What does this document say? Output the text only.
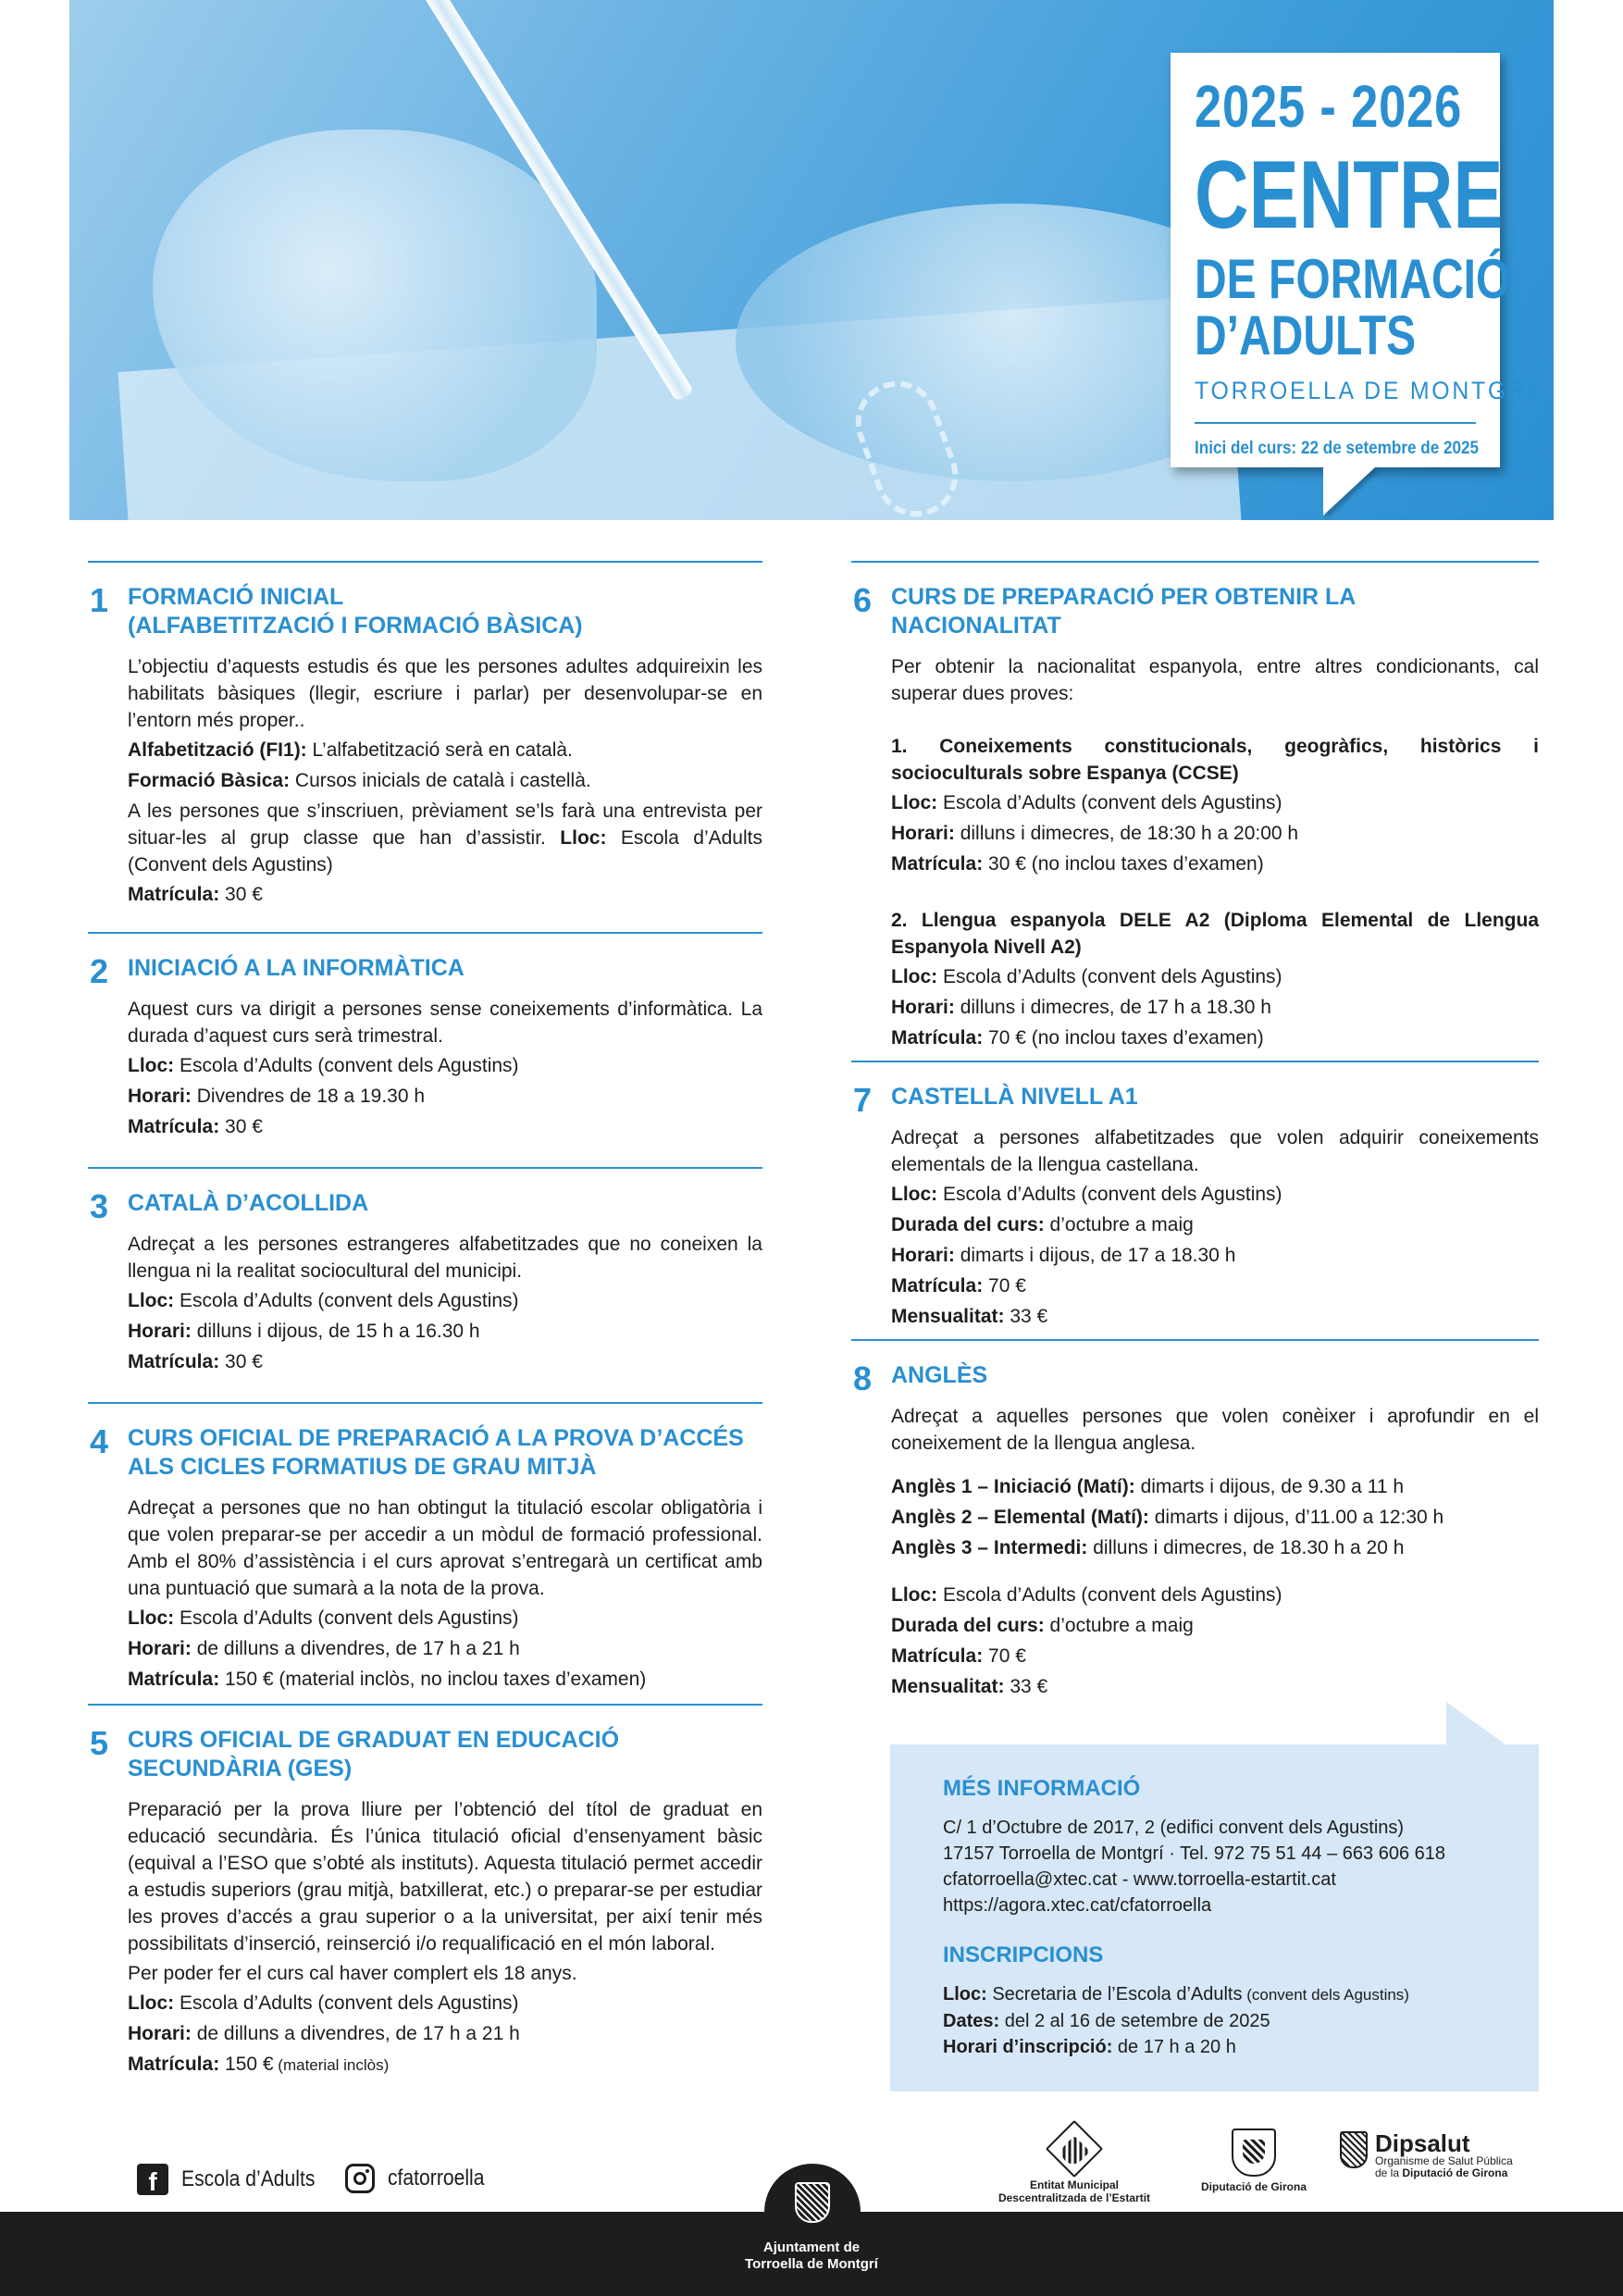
2025 - 2026
CENTRE
DE FORMACIÓ
D’ADULTS
TORROELLA DE MONTGRÍ
Inici del curs: 22 de setembre de 2025
1 FORMACIÓ INICIAL
(ALFABETITZACIÓ I FORMACIÓ BÀSICA)

L’objectiu d’aquests estudis és que les persones adultes adquireixin les habilitats bàsiques (llegir, escriure i parlar) per desenvolupar-se en l’entorn més proper..

Alfabetització (FI1): L’alfabetització serà en català.
Formació Bàsica: Cursos inicials de català i castellà.

A les persones que s’inscriuen, prèviament se’ls farà una entrevista per situar-les al grup classe que han d’assistir. Lloc: Escola d’Adults (Convent dels Agustins)

Matrícula: 30 €
2 INICIACIÓ A LA INFORMÀTICA

Aquest curs va dirigit a persones sense coneixements d’informàtica. La durada d’aquest curs serà trimestral.

Lloc: Escola d’Adults (convent dels Agustins)
Horari: Divendres de 18 a 19.30 h
Matrícula: 30 €
3 CATALÀ D’ACOLLIDA

Adreçat a les persones estrangeres alfabetitzades que no coneixen la llengua ni la realitat sociocultural del municipi.

Lloc: Escola d’Adults (convent dels Agustins)
Horari: dilluns i dijous, de 15 h a 16.30 h
Matrícula: 30 €
4 CURS OFICIAL DE PREPARACIÓ A LA PROVA D’ACCÉS
ALS CICLES FORMATIUS DE GRAU MITJÀ

Adreçat a persones que no han obtingut la titulació escolar obligatòria i que volen preparar-se per accedir a un mòdul de formació professional. Amb el 80% d’assistència i el curs aprovat s’entregarà un certificat amb una puntuació que sumarà a la nota de la prova.

Lloc: Escola d’Adults (convent dels Agustins)
Horari: de dilluns a divendres, de 17 h a 21 h
Matrícula: 150 € (material inclòs, no inclou taxes d’examen)
5 CURS OFICIAL DE GRADUAT EN EDUCACIÓ
SECUNDÀRIA (GES)

Preparació per la prova lliure per l’obtenció del títol de graduat en educació secundària. És l’única titulació oficial d’ensenyament bàsic (equival a l’ESO que s’obté als instituts). Aquesta titulació permet accedir a estudis superiors (grau mitjà, batxillerat, etc.) o preparar-se per estudiar les proves d’accés a grau superior o a la universitat, per així tenir més possibilitats d’inserció, reinserció i/o requalificació en el món laboral.

Per poder fer el curs cal haver complert els 18 anys.

Lloc: Escola d’Adults (convent dels Agustins)
Horari: de dilluns a divendres, de 17 h a 21 h
Matrícula: 150 € (material inclòs)
6 CURS DE PREPARACIÓ PER OBTENIR LA
NACIONALITAT

Per obtenir la nacionalitat espanyola, entre altres condicionants, cal superar dues proves:

1. Coneixements constitucionals, geogràfics, històrics i socioculturals sobre Espanya (CCSE)

Lloc: Escola d’Adults (convent dels Agustins)
Horari: dilluns i dimecres, de 18:30 h a 20:00 h
Matrícula: 30 € (no inclou taxes d’examen)

2. Llengua espanyola DELE A2 (Diploma Elemental de Llengua Espanyola Nivell A2)

Lloc: Escola d’Adults (convent dels Agustins)
Horari: dilluns i dimecres, de 17 h a 18.30 h
Matrícula: 70 € (no inclou taxes d’examen)
7 CASTELLÀ NIVELL A1

Adreçat a persones alfabetitzades que volen adquirir coneixements elementals de la llengua castellana.

Lloc: Escola d’Adults (convent dels Agustins)
Durada del curs: d’octubre a maig
Horari: dimarts i dijous, de 17 a 18.30 h
Matrícula: 70 €
Mensualitat: 33 €
8 ANGLÈS

Adreçat a aquelles persones que volen conèixer i aprofundir en el coneixement de la llengua anglesa.

Anglès 1 – Iniciació (Matí): dimarts i dijous, de 9.30 a 11 h
Anglès 2 – Elemental (Matí): dimarts i dijous, d’11.00 a 12:30 h
Anglès 3 – Intermedi: dilluns i dimecres, de 18.30 h a 20 h
Lloc: Escola d’Adults (convent dels Agustins)
Durada del curs: d’octubre a maig
Matrícula: 70 €
Mensualitat: 33 €
MÉS INFORMACIÓ
C/ 1 d’Octubre de 2017, 2 (edifici convent dels Agustins)
17157 Torroella de Montgrí · Tel. 972 75 51 44 – 663 606 618
cfatorroella@xtec.cat - www.torroella-estartit.cat
https://agora.xtec.cat/cfatorroella
INSCRIPCIONS
Lloc: Secretaria de l’Escola d’Adults (convent dels Agustins)
Dates: del 2 al 16 de setembre de 2025
Horari d’inscripció: de 17 h a 20 h
f	Escola d’Adults	cfatorroella	Entitat Municipal
Descentralitzada de l’Estartit
Diputació de Girona
Dipsalut
Organisme de Salut Pública
de la Diputació de Girona
Ajuntament de
Torroella de Montgrí
